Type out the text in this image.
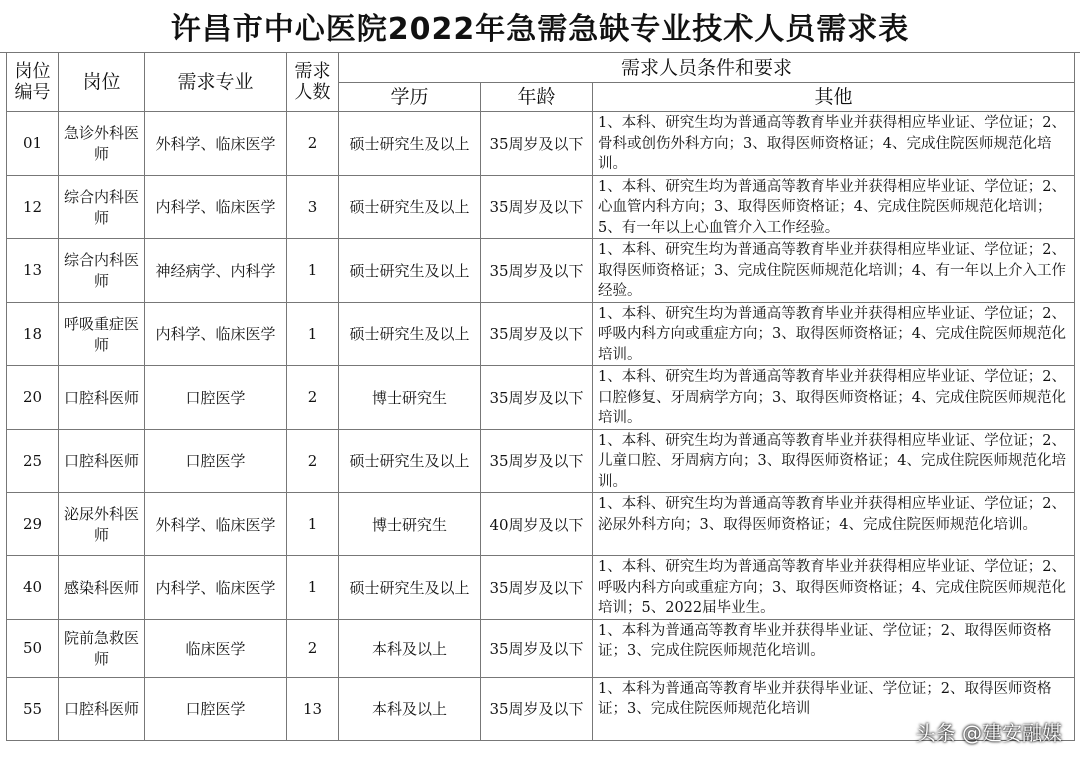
许昌市中心医院2022年急需急缺专业技术人员需求表
岗位编号	岗位	需求专业	需求人数	需求人员条件和要求		
				学历	年龄	其他
01	急诊外科医师	外科学、临床医学	2	硕士研究生及以上	35周岁及以下	1、本科、研究生均为普通高等教育毕业并获得相应毕业证、学位证；2、骨科或创伤外科方向；3、取得医师资格证；4、完成住院医师规范化培训。
12	综合内科医师	内科学、临床医学	3	硕士研究生及以上	35周岁及以下	1、本科、研究生均为普通高等教育毕业并获得相应毕业证、学位证；2、心血管内科方向；3、取得医师资格证；4、完成住院医师规范化培训；5、有一年以上心血管介入工作经验。
13	综合内科医师	神经病学、内科学	1	硕士研究生及以上	35周岁及以下	1、本科、研究生均为普通高等教育毕业并获得相应毕业证、学位证；2、取得医师资格证；3、完成住院医师规范化培训；4、有一年以上介入工作经验。
18	呼吸重症医师	内科学、临床医学	1	硕士研究生及以上	35周岁及以下	1、本科、研究生均为普通高等教育毕业并获得相应毕业证、学位证；2、呼吸内科方向或重症方向；3、取得医师资格证；4、完成住院医师规范化培训。
20	口腔科医师	口腔医学	2	博士研究生	35周岁及以下	1、本科、研究生均为普通高等教育毕业并获得相应毕业证、学位证；2、口腔修复、牙周病学方向；3、取得医师资格证；4、完成住院医师规范化培训。
25	口腔科医师	口腔医学	2	硕士研究生及以上	35周岁及以下	1、本科、研究生均为普通高等教育毕业并获得相应毕业证、学位证；2、儿童口腔、牙周病方向；3、取得医师资格证；4、完成住院医师规范化培训。
29	泌尿外科医师	外科学、临床医学	1	博士研究生	40周岁及以下	1、本科、研究生均为普通高等教育毕业并获得相应毕业证、学位证；2、泌尿外科方向；3、取得医师资格证；4、完成住院医师规范化培训。
40	感染科医师	内科学、临床医学	1	硕士研究生及以上	35周岁及以下	1、本科、研究生均为普通高等教育毕业并获得相应毕业证、学位证；2、呼吸内科方向或重症方向；3、取得医师资格证；4、完成住院医师规范化培训；5、2022届毕业生。
50	院前急救医师	临床医学	2	本科及以上	35周岁及以下	1、本科为普通高等教育毕业并获得毕业证、学位证；2、取得医师资格证；3、完成住院医师规范化培训。
55	口腔科医师	口腔医学	13	本科及以上	35周岁及以下	1、本科为普通高等教育毕业并获得毕业证、学位证；2、取得医师资格证；3、完成住院医师规范化培训
头条 @建安融媒
